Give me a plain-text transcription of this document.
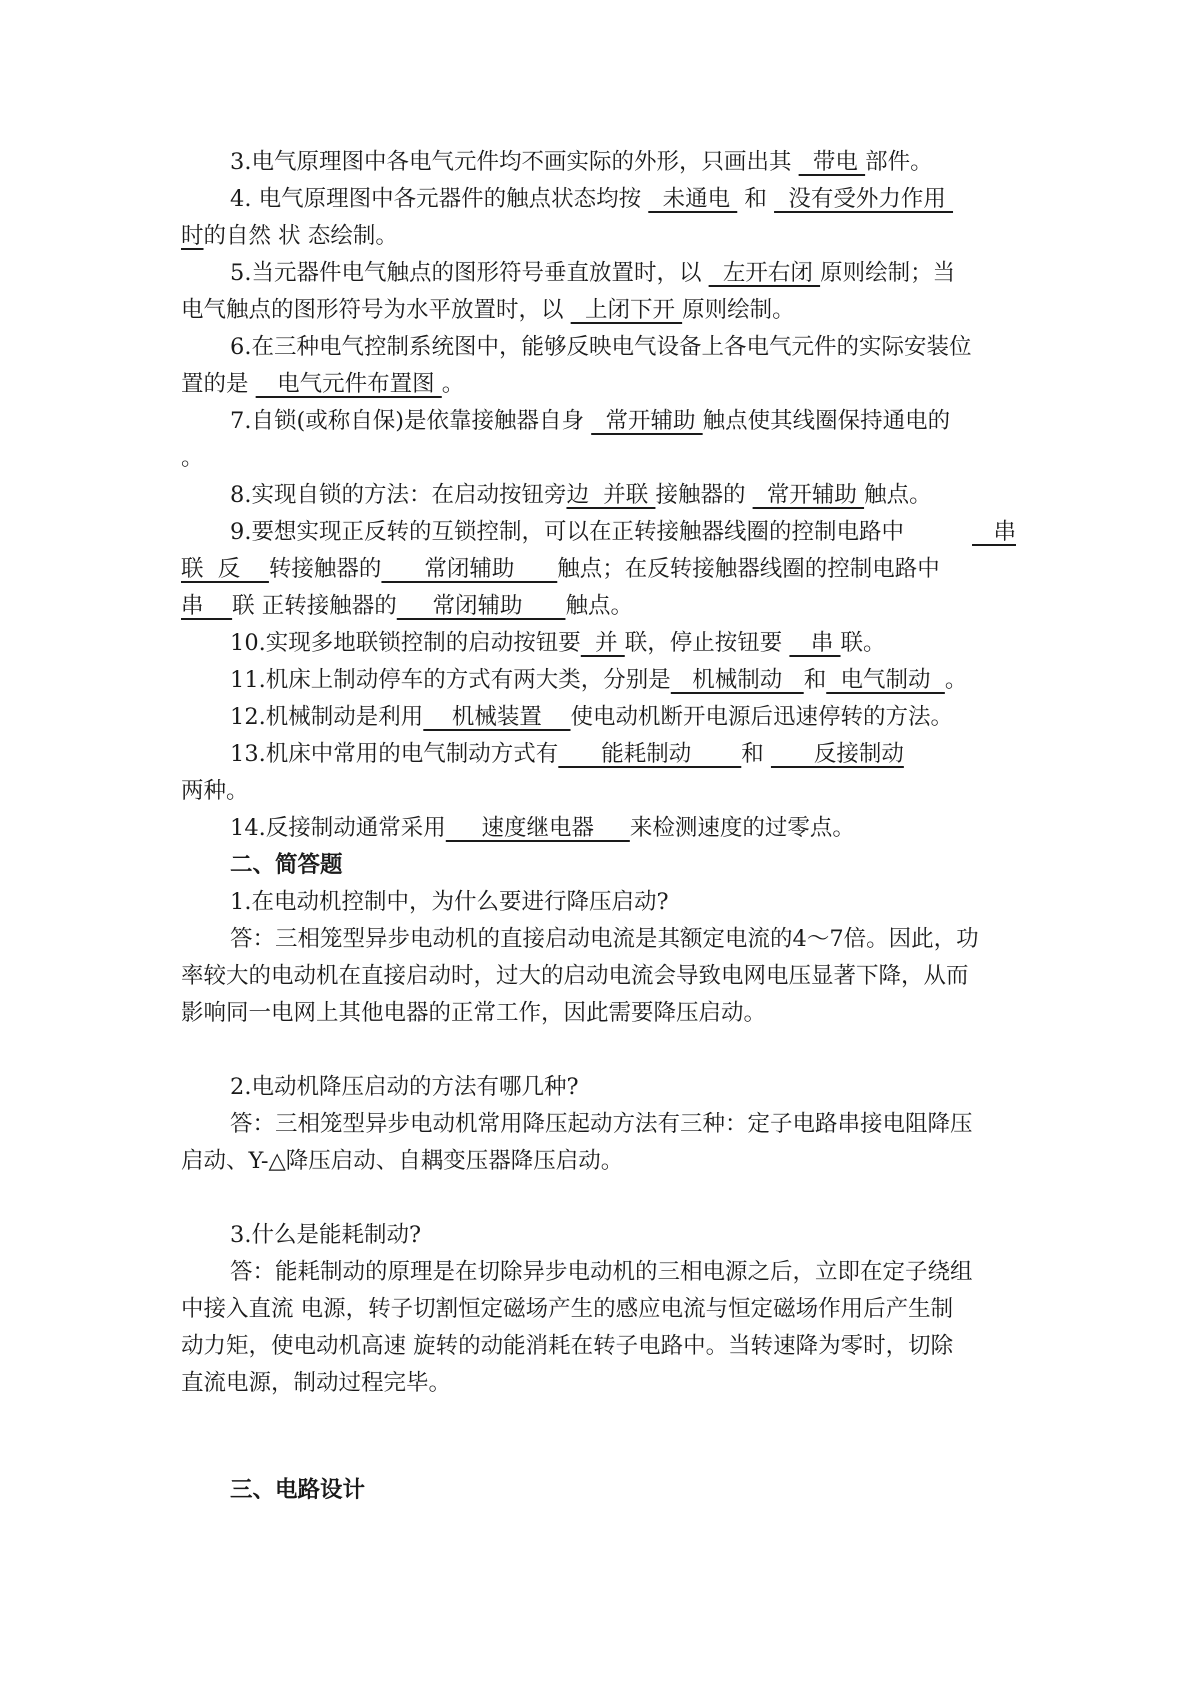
3.电气原理图中各电气元件均不画实际的外形，只画出其   带电 部件。
4. 电气原理图中各元器件的触点状态均按   未通电  和   没有受外力作用
时的自然 状 态绘制。
5.当元器件电气触点的图形符号垂直放置时，以   左开右闭 原则绘制；当
电气触点的图形符号为水平放置时，以   上闭下开 原则绘制。
6.在三种电气控制系统图中，能够反映电气设备上各电气元件的实际安装位
置的是    电气元件布置图 。
7.自锁(或称自保)是依靠接触器自身   常开辅助 触点使其线圈保持通电的
。
8.实现自锁的方法：在启动按钮旁边  并联 接触器的   常开辅助 触点。
9.要想实现正反转的互锁控制，可以在正转接触器线圈的控制电路中	串
联  反    转接触器的      常闭辅助      触点；在反转接触器线圈的控制电路中
串    联 正转接触器的     常闭辅助      触点。
10.实现多地联锁控制的启动按钮要  并 联，停止按钮要    串 联。
11.机床上制动停车的方式有两大类，分别是   机械制动   和  电气制动  。
12.机械制动是利用    机械装置    使电动机断开电源后迅速停转的方法。
13.机床中常用的电气制动方式有      能耗制动       和       反接制动
两种。
14.反接制动通常采用     速度继电器     来检测速度的过零点。
二、简答题
1.在电动机控制中，为什么要进行降压启动?
答：三相笼型异步电动机的直接启动电流是其额定电流的4～7倍。因此，功
率较大的电动机在直接启动时，过大的启动电流会导致电网电压显著下降，从而
影响同一电网上其他电器的正常工作，因此需要降压启动。
2.电动机降压启动的方法有哪几种?
答：三相笼型异步电动机常用降压起动方法有三种：定子电路串接电阻降压
启动、Y-△降压启动、自耦变压器降压启动。
3.什么是能耗制动?
答：能耗制动的原理是在切除异步电动机的三相电源之后，立即在定子绕组
中接入直流 电源，转子切割恒定磁场产生的感应电流与恒定磁场作用后产生制
动力矩，使电动机高速 旋转的动能消耗在转子电路中。当转速降为零时，切除
直流电源，制动过程完毕。
三、电路设计
